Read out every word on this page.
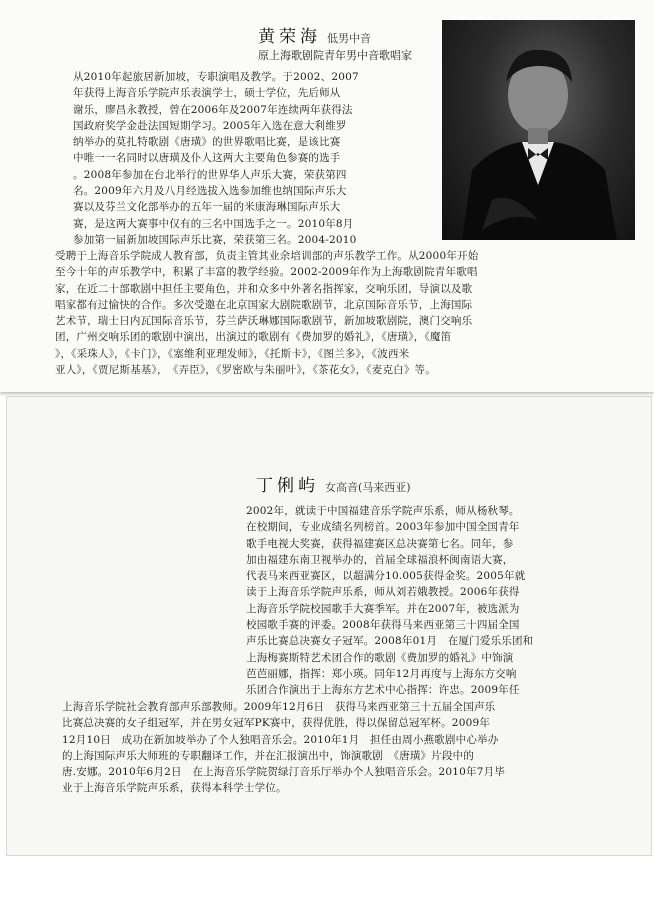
黄荣海 低男中音
原上海歌剧院青年男中音歌唱家
从2010年起旅居新加坡，专职演唱及教学。于2002、2007
年获得上海音乐学院声乐表演学士，硕士学位，先后师从
谢乐，廖昌永教授，曾在2006年及2007年连续两年获得法
国政府奖学金赴法国短期学习。2005年入选在意大利维罗
纳举办的莫扎特歌剧《唐璜》的世界歌唱比赛，是该比赛
中唯一一名同时以唐璜及仆人这两大主要角色参赛的选手
。2008年参加在台北举行的世界华人声乐大赛，荣获第四
名。2009年六月及八月经选拔入选参加维也纳国际声乐大
赛以及芬兰文化部举办的五年一届的米康海琳国际声乐大
赛，是这两大赛事中仅有的三名中国选手之一。2010年8月
参加第一届新加坡国际声乐比赛，荣获第三名。2004-2010
受聘于上海音乐学院成人教育部，负责主管其业余培训部的声乐教学工作。从2000年开始
至今十年的声乐教学中，积累了丰富的教学经验。2002-2009年作为上海歌剧院青年歌唱
家，在近二十部歌剧中担任主要角色，并和众多中外著名指挥家，交响乐团，导演以及歌
唱家都有过愉快的合作。多次受邀在北京国家大剧院歌剧节，北京国际音乐节，上海国际
艺术节，瑞士日内瓦国际音乐节，芬兰萨沃琳娜国际歌剧节，新加坡歌剧院，澳门交响乐
团，广州交响乐团的歌剧中演出，出演过的歌剧有《费加罗的婚礼》，《唐璜》，《魔笛
》，《采珠人》，《卡门》，《塞维利亚理发师》，《托斯卡》，《图兰多》，《波西米
亚人》，《贾尼斯基基》，　《弄臣》，《罗密欧与朱丽叶》，《茶花女》，《麦克白》等。
丁俐屿 女高音(马来西亚)
2002年，就读于中国福建音乐学院声乐系，师从杨秋琴。
在校期间，专业成绩名列榜首。2003年参加中国全国青年
歌手电视大奖赛，获得福建赛区总决赛第七名。同年，参
加由福建东南卫视举办的，首届全球福浪杯闽南语大赛，
代表马来西亚赛区，以超满分10.005获得金奖。2005年就
读于上海音乐学院声乐系，师从刘若娥教授。2006年获得
上海音乐学院校园歌手大赛季军。并在2007年，被选派为
校园歌手赛的评委。2008年获得马来西亚第三十四届全国
声乐比赛总决赛女子冠军。2008年01月　在厦门爱乐乐团和
上海梅赛斯特艺术团合作的歌剧《费加罗的婚礼》中饰演
芭芭丽娜，指挥：郑小瑛。同年12月再度与上海东方交响
乐团合作演出于上海东方艺术中心指挥：许忠。2009年任
上海音乐学院社会教育部声乐部教师。2009年12月6日　获得马来西亚第三十五届全国声乐
比赛总决赛的女子组冠军，并在男女冠军PK赛中，获得优胜，得以保留总冠军杯。2009年
12月10日　成功在新加坡举办了个人独唱音乐会。2010年1月　担任由周小燕歌剧中心举办
的上海国际声乐大师班的专职翻译工作，并在汇报演出中，饰演歌剧　《唐璜》片段中的
唐.安娜。2010年6月2日　在上海音乐学院贺绿汀音乐厅举办个人独唱音乐会。2010年7月毕
业于上海音乐学院声乐系，获得本科学士学位。
